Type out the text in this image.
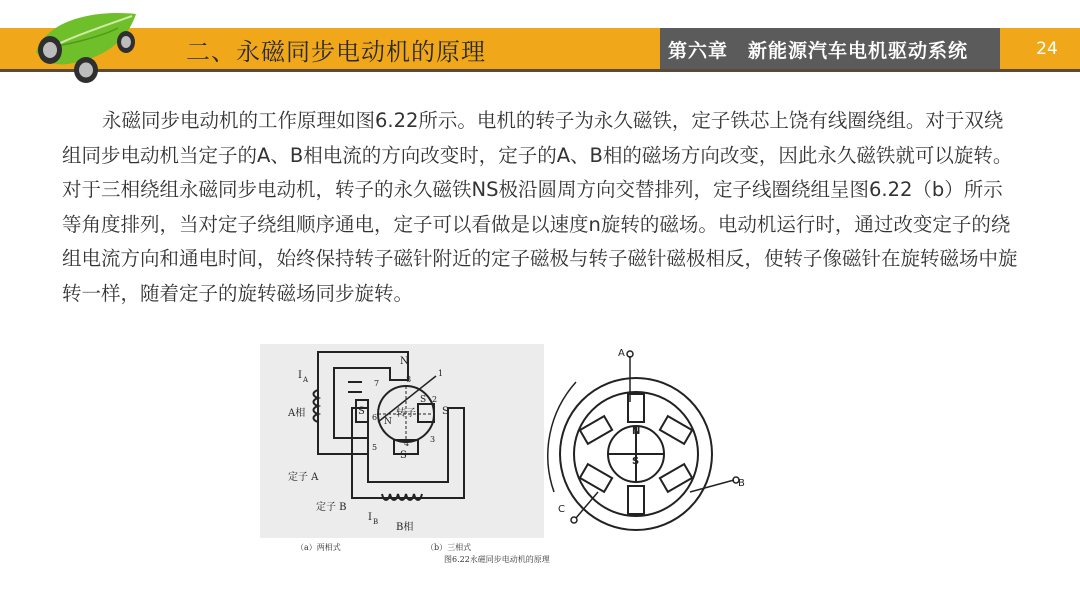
二、永磁同步电动机的原理	第六章　新能源汽车电机驱动系统	24
永磁同步电动机的工作原理如图6.22所示。电机的转子为永久磁铁，定子铁芯上饶有线圈绕组。对于双绕组同步电动机当定子的A、B相电流的方向改变时，定子的A、B相的磁场方向改变，因此永久磁铁就可以旋转。对于三相绕组永磁同步电动机，转子的永久磁铁NS极沿圆周方向交替排列，定子线圈绕组呈图6.22（b）所示等角度排列，当对定子绕组顺序通电，定子可以看做是以速度n旋转的磁场。电动机运行时，通过改变定子的绕组电流方向和通电时间，始终保持转子磁针附近的定子磁极与转子磁针磁极相反，使转子像磁针在旋转磁场中旋转一样，随着定子的旋转磁场同步旋转。
I A
A相
定子 A
定子 B
I B B相
转子
N
S	S
S
N
S
1
2
3
4
5
6
7	8
A
B
C
N
S
（a）两相式	（b）三相式
图6.22永磁同步电动机的原理
